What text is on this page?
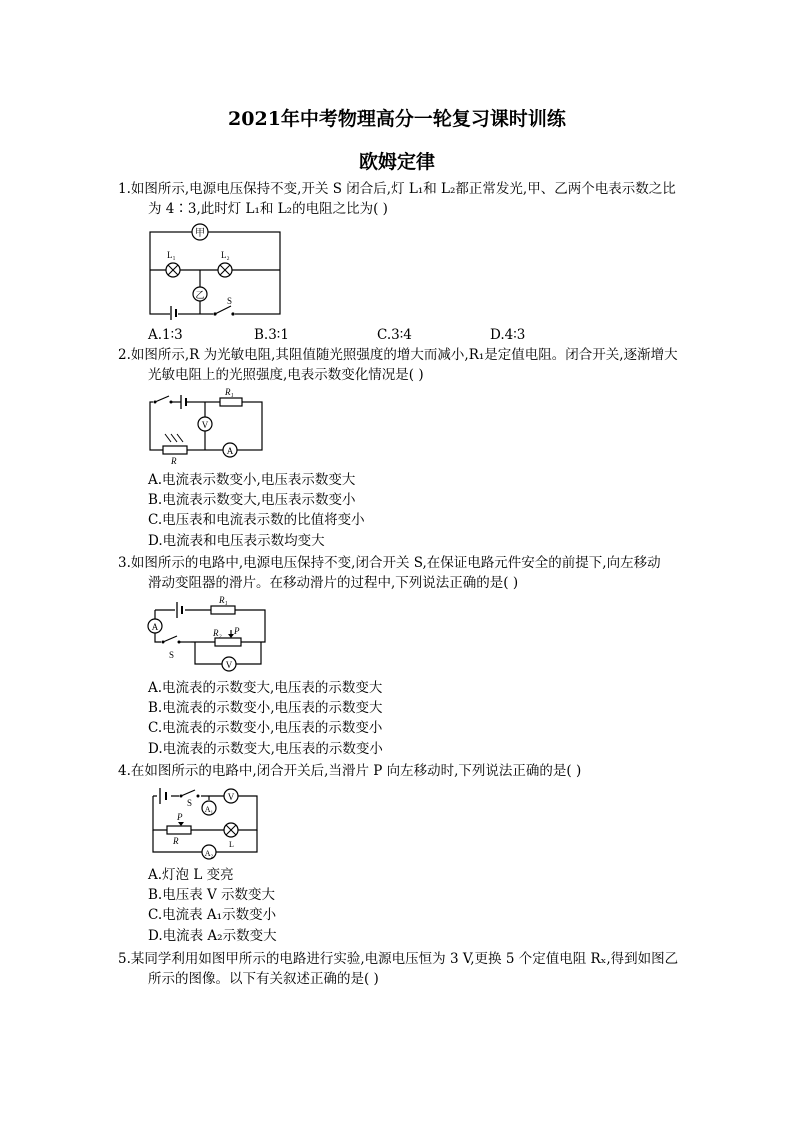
2021年中考物理高分一轮复习课时训练
欧姆定律
1.如图所示,电源电压保持不变,开关 S 闭合后,灯 L₁和 L₂都正常发光,甲、乙两个电表示数之比
为 4∶3,此时灯 L₁和 L₂的电阻之比为( )
甲
L₁	L₂
乙
S
A.1∶3	B.3∶1	C.3∶4	D.4∶3
2.如图所示,R 为光敏电阻,其阻值随光照强度的增大而减小,R₁是定值电阻。闭合开关,逐渐增大
光敏电阻上的光照强度,电表示数变化情况是( )
R₁
V
A
R
A.电流表示数变小,电压表示数变大
B.电流表示数变大,电压表示数变小
C.电压表和电流表示数的比值将变小
D.电流表和电压表示数均变大
3.如图所示的电路中,电源电压保持不变,闭合开关 S,在保证电路元件安全的前提下,向左移动
滑动变阻器的滑片。在移动滑片的过程中,下列说法正确的是( )
R₁
A
S
R₂ P
V
A.电流表的示数变大,电压表的示数变大
B.电流表的示数变小,电压表的示数变大
C.电流表的示数变小,电压表的示数变小
D.电流表的示数变大,电压表的示数变小
4.在如图所示的电路中,闭合开关后,当滑片 P 向左移动时,下列说法正确的是( )
S
A₁
V
P
R	L
A₂
A.灯泡 L 变亮
B.电压表 V 示数变大
C.电流表 A₁示数变小
D.电流表 A₂示数变大
5.某同学利用如图甲所示的电路进行实验,电源电压恒为 3 V,更换 5 个定值电阻 Rₓ,得到如图乙
所示的图像。以下有关叙述正确的是( )
